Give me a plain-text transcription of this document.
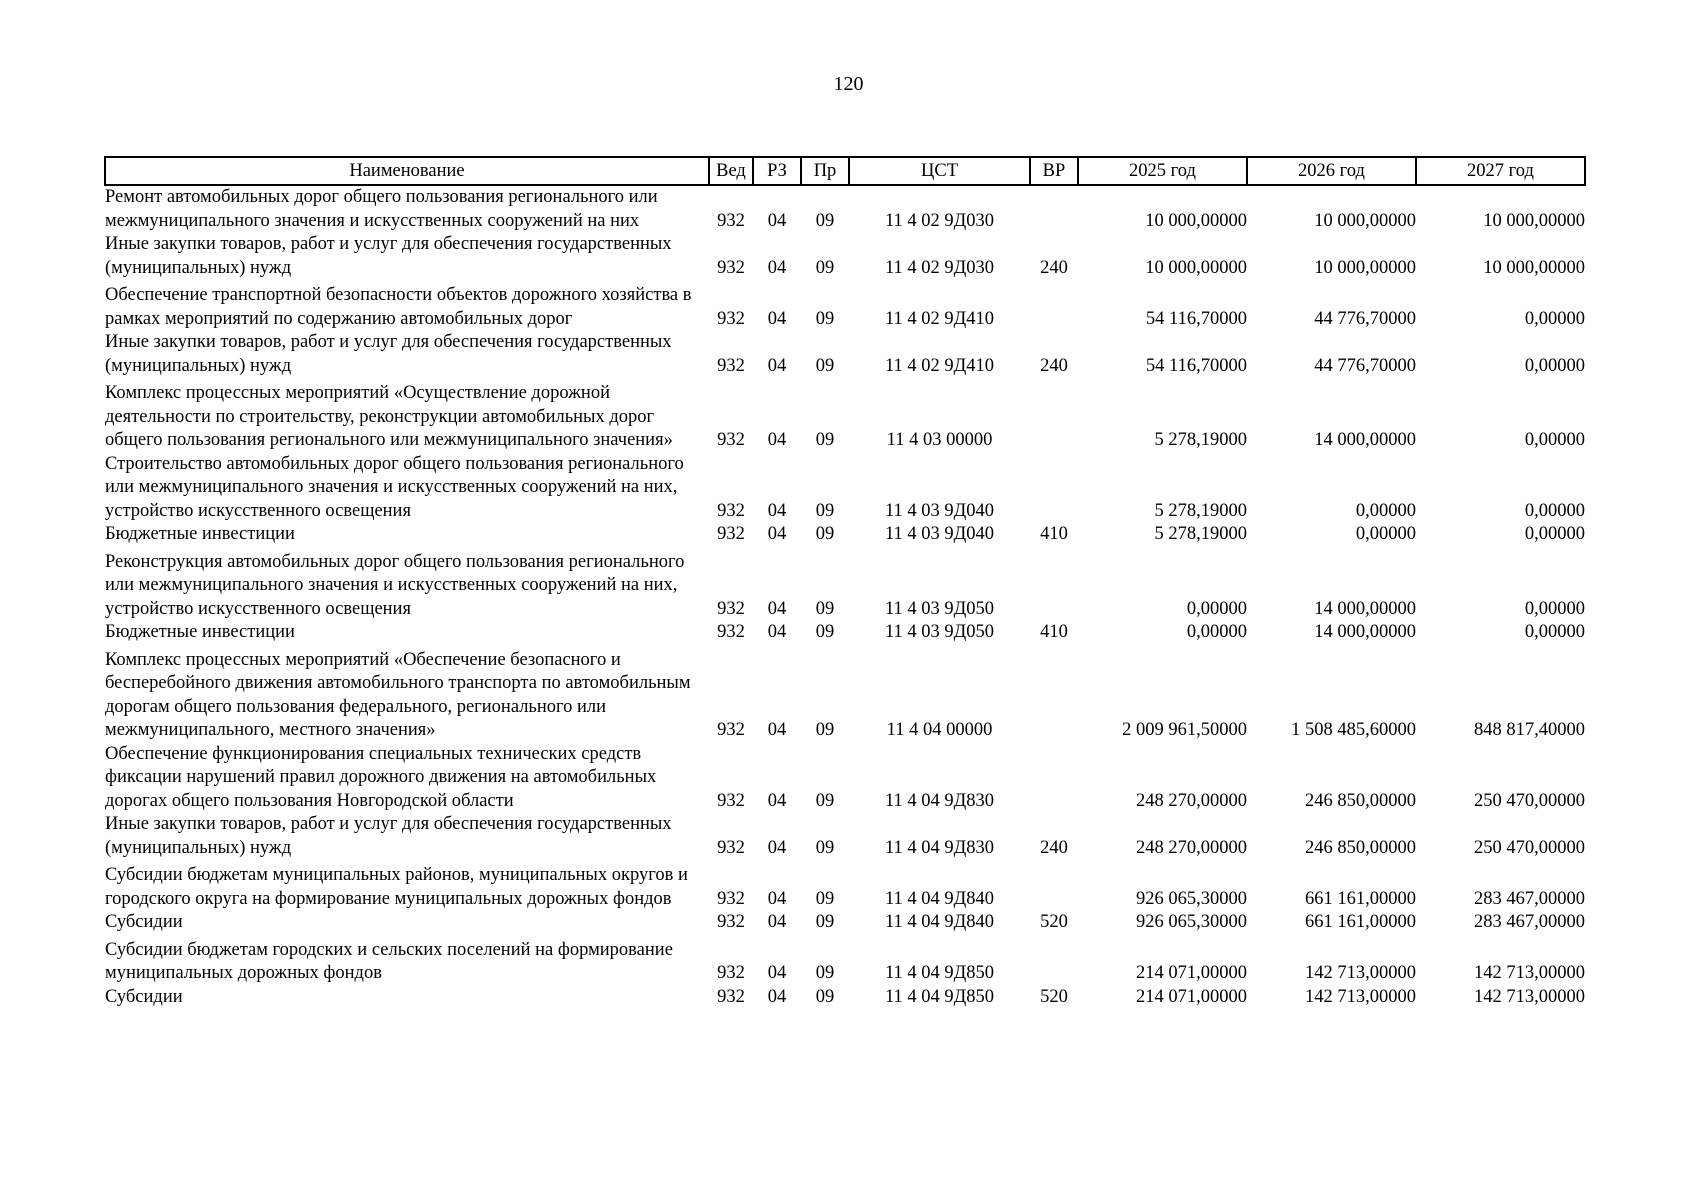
120
Наименование	Вед	РЗ	Пр	ЦСТ	ВР	2025 год	2026 год	2027 год
Ремонт автомобильных дорог общего пользования регионального или межмуниципального значения и искусственных сооружений на них	932	04	09	11 4 02 9Д030		10 000,00000	10 000,00000	10 000,00000
Иные закупки товаров, работ и услуг для обеспечения государственных (муниципальных) нужд	932	04	09	11 4 02 9Д030	240	10 000,00000	10 000,00000	10 000,00000
Обеспечение транспортной безопасности объектов дорожного хозяйства в рамках мероприятий по содержанию автомобильных дорог	932	04	09	11 4 02 9Д410		54 116,70000	44 776,70000	0,00000
Иные закупки товаров, работ и услуг для обеспечения государственных (муниципальных) нужд	932	04	09	11 4 02 9Д410	240	54 116,70000	44 776,70000	0,00000
Комплекс процессных мероприятий «Осуществление дорожной деятельности по строительству, реконструкции автомобильных дорог общего пользования регионального или межмуниципального значения»	932	04	09	11 4 03 00000		5 278,19000	14 000,00000	0,00000
Строительство автомобильных дорог общего пользования регионального или межмуниципального значения и искусственных сооружений на них, устройство искусственного освещения	932	04	09	11 4 03 9Д040		5 278,19000	0,00000	0,00000
Бюджетные инвестиции	932	04	09	11 4 03 9Д040	410	5 278,19000	0,00000	0,00000
Реконструкция автомобильных дорог общего пользования регионального или межмуниципального значения и искусственных сооружений на них, устройство искусственного освещения	932	04	09	11 4 03 9Д050		0,00000	14 000,00000	0,00000
Бюджетные инвестиции	932	04	09	11 4 03 9Д050	410	0,00000	14 000,00000	0,00000
Комплекс процессных мероприятий «Обеспечение безопасного и бесперебойного движения автомобильного транспорта по автомобильным дорогам общего пользования федерального, регионального или межмуниципального, местного значения»	932	04	09	11 4 04 00000		2 009 961,50000	1 508 485,60000	848 817,40000
Обеспечение функционирования специальных технических средств фиксации нарушений правил дорожного движения на автомобильных дорогах общего пользования Новгородской области	932	04	09	11 4 04 9Д830		248 270,00000	246 850,00000	250 470,00000
Иные закупки товаров, работ и услуг для обеспечения государственных (муниципальных) нужд	932	04	09	11 4 04 9Д830	240	248 270,00000	246 850,00000	250 470,00000
Субсидии бюджетам муниципальных районов, муниципальных округов и городского округа на формирование муниципальных дорожных фондов	932	04	09	11 4 04 9Д840		926 065,30000	661 161,00000	283 467,00000
Субсидии	932	04	09	11 4 04 9Д840	520	926 065,30000	661 161,00000	283 467,00000
Субсидии бюджетам городских и сельских поселений на формирование муниципальных дорожных фондов	932	04	09	11 4 04 9Д850		214 071,00000	142 713,00000	142 713,00000
Субсидии	932	04	09	11 4 04 9Д850	520	214 071,00000	142 713,00000	142 713,00000
